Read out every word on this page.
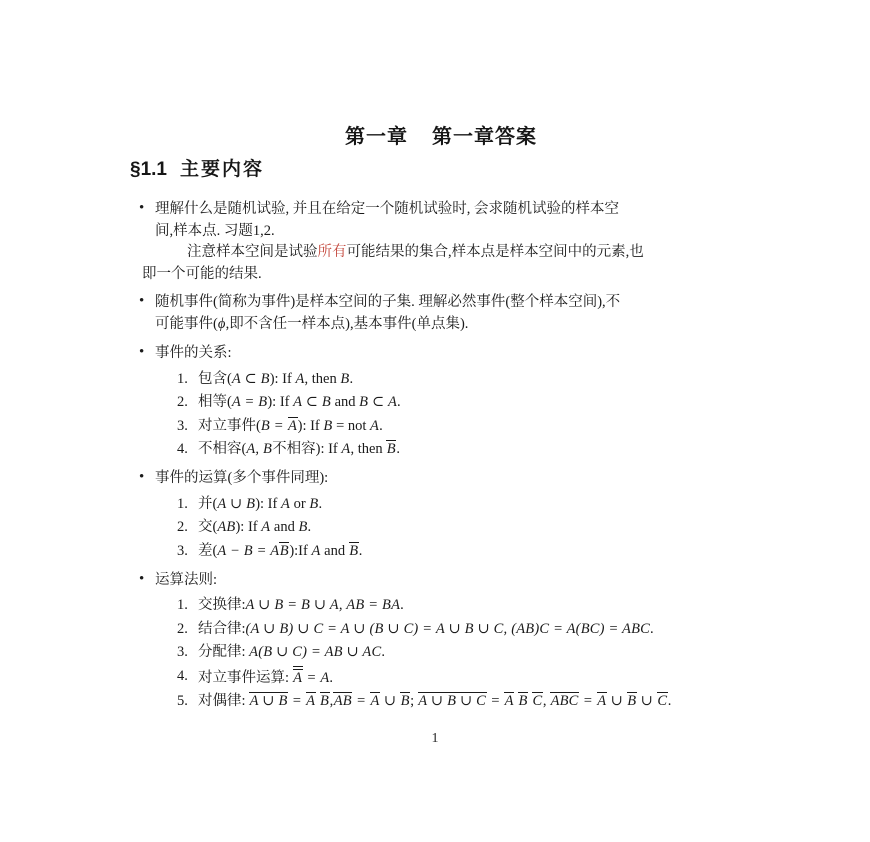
第一章 第一章答案
§1.1 主要内容
• 理解什么是随机试验, 并且在给定一个随机试验时, 会求随机试验的样本空
间,样本点. 习题1,2.
注意样本空间是试验所有可能结果的集合,样本点是样本空间中的元素,也
即一个可能的结果.
• 随机事件(简称为事件)是样本空间的子集. 理解必然事件(整个样本空间),不
可能事件(ϕ,即不含任一样本点),基本事件(单点集).
• 事件的关系:
1. 包含(A ⊂ B): If A, then B.
2. 相等(A = B): If A ⊂ B and B ⊂ A.
3. 对立事件(B = A): If B = not A.
4. 不相容(A, B不相容): If A, then B.
• 事件的运算(多个事件同理):
1. 并(A ∪ B): If A or B.
2. 交(AB): If A and B.
3. 差(A − B = AB):If A and B.
• 运算法则:
1. 交换律:A ∪ B = B ∪ A, AB = BA.
2. 结合律:(A ∪ B) ∪ C = A ∪ (B ∪ C) = A ∪ B ∪ C, (AB)C = A(BC) = ABC.
3. 分配律: A(B ∪ C) = AB ∪ AC.
4. 对立事件运算: A = A.
5. 对偶律: A ∪ B = A B,AB = A ∪ B; A ∪ B ∪ C = A B C, ABC = A ∪ B ∪ C.
1
